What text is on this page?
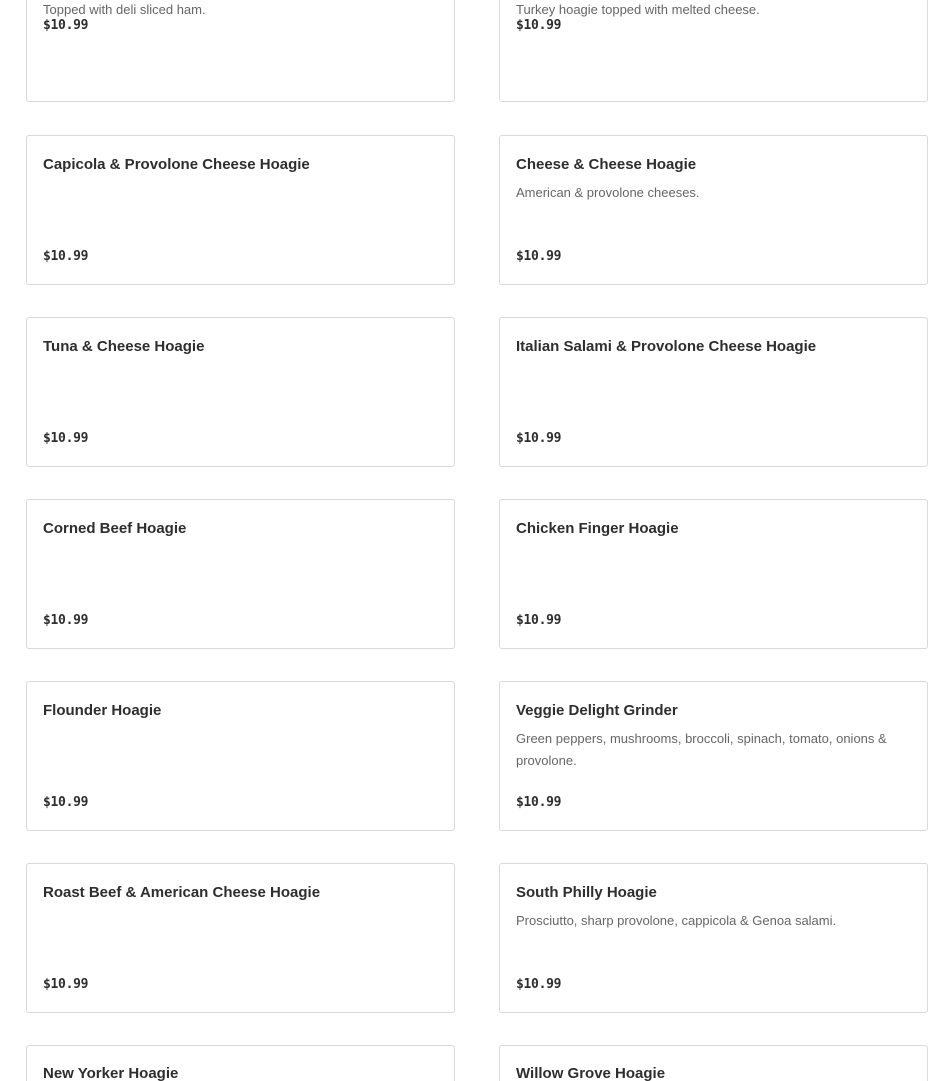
Topped with deli sliced ham.
$10.99
Turkey hoagie topped with melted cheese.
$10.99
Capicola & Provolone Cheese Hoagie
$10.99
Cheese & Cheese Hoagie
American & provolone cheeses.
$10.99
Tuna & Cheese Hoagie
$10.99
Italian Salami & Provolone Cheese Hoagie
$10.99
Corned Beef Hoagie
$10.99
Chicken Finger Hoagie
$10.99
Flounder Hoagie
$10.99
Veggie Delight Grinder
Green peppers, mushrooms, broccoli, spinach, tomato, onions & provolone.
$10.99
Roast Beef & American Cheese Hoagie
$10.99
South Philly Hoagie
Prosciutto, sharp provolone, cappicola & Genoa salami.
$10.99
New Yorker Hoagie	Willow Grove Hoagie
